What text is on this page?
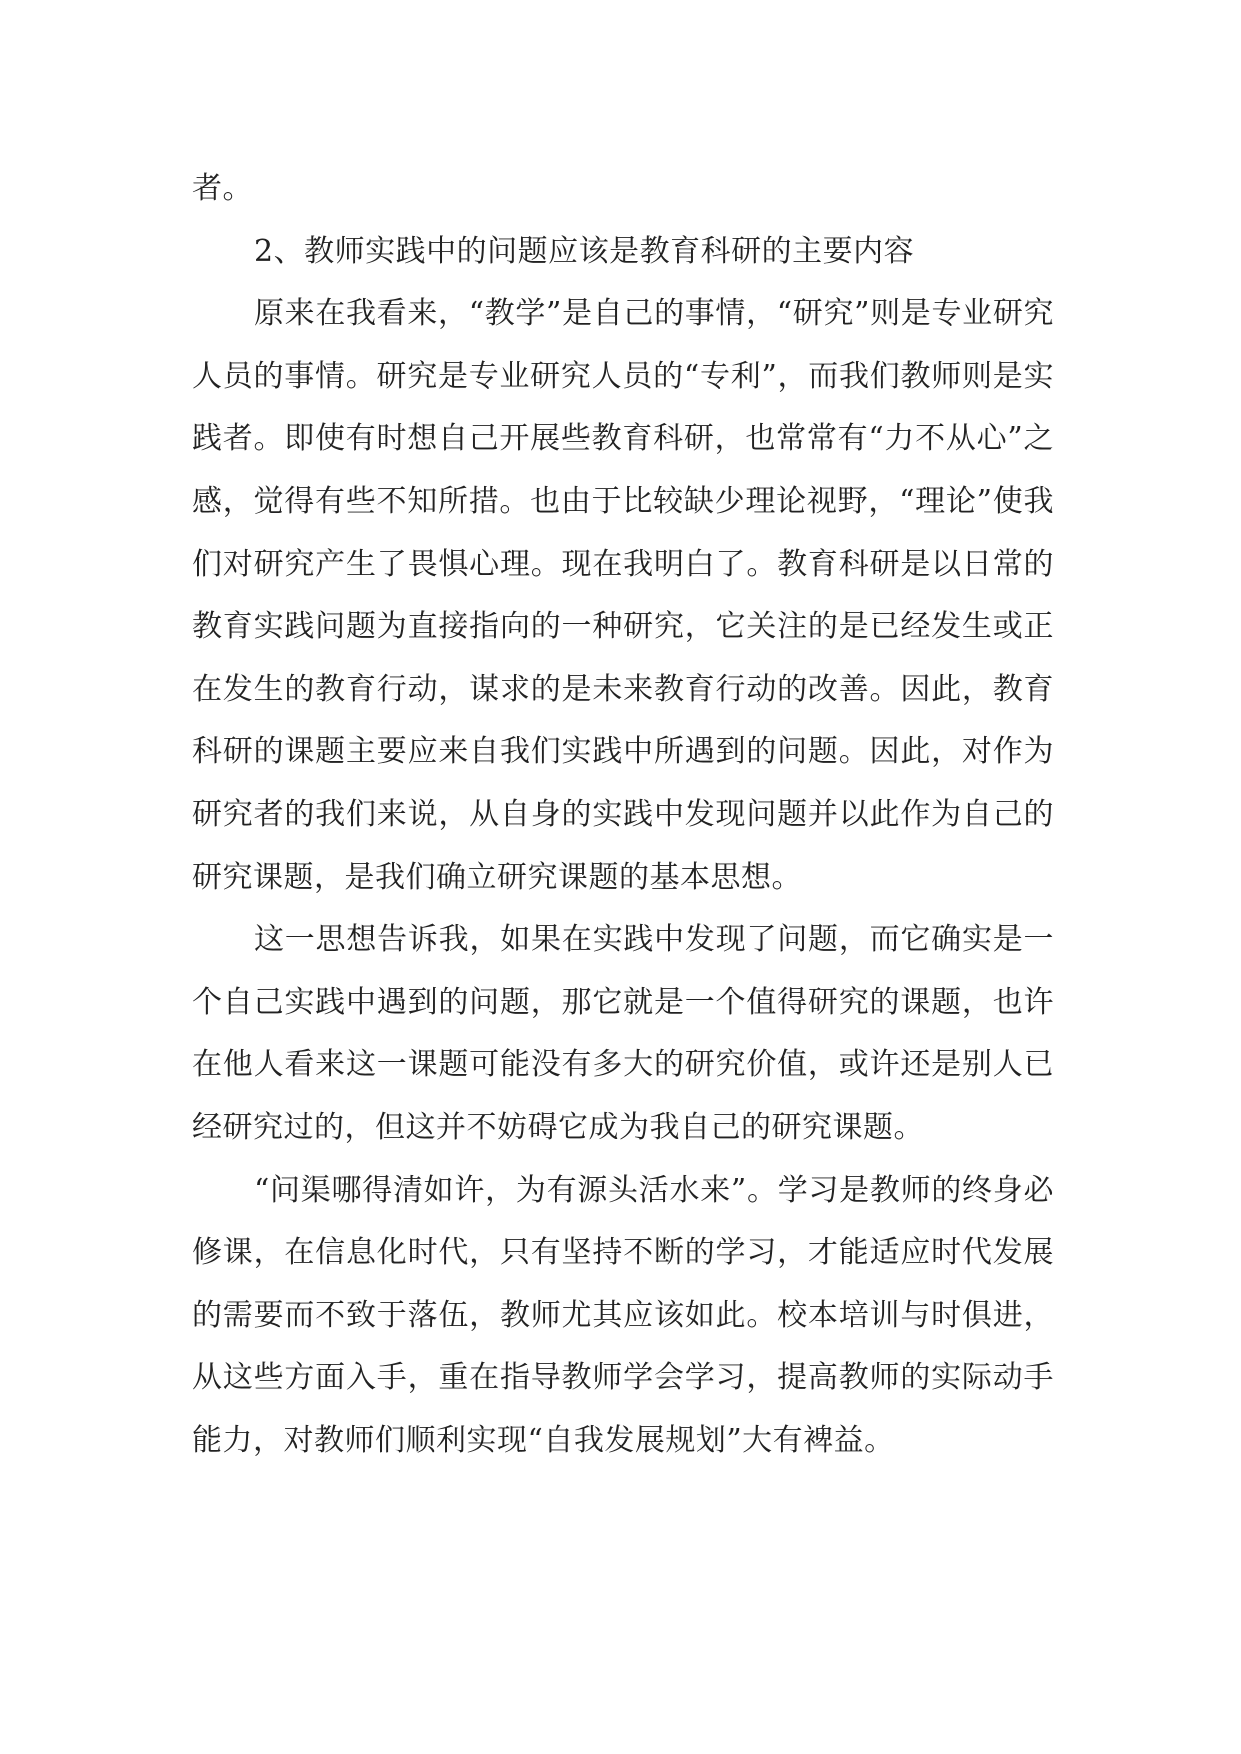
者。

2、教师实践中的问题应该是教育科研的主要内容

原来在我看来，“教学”是自己的事情，“研究”则是专业研究人员的事情。研究是专业研究人员的“专利”，而我们教师则是实践者。即使有时想自己开展些教育科研，也常常有“力不从心”之感，觉得有些不知所措。也由于比较缺少理论视野，“理论”使我们对研究产生了畏惧心理。现在我明白了。教育科研是以日常的教育实践问题为直接指向的一种研究，它关注的是已经发生或正在发生的教育行动，谋求的是未来教育行动的改善。因此，教育科研的课题主要应来自我们实践中所遇到的问题。因此，对作为研究者的我们来说，从自身的实践中发现问题并以此作为自己的研究课题，是我们确立研究课题的基本思想。

这一思想告诉我，如果在实践中发现了问题，而它确实是一个自己实践中遇到的问题，那它就是一个值得研究的课题，也许在他人看来这一课题可能没有多大的研究价值，或许还是别人已经研究过的，但这并不妨碍它成为我自己的研究课题。

“问渠哪得清如许，为有源头活水来”。学习是教师的终身必修课，在信息化时代，只有坚持不断的学习，才能适应时代发展的需要而不致于落伍，教师尤其应该如此。校本培训与时俱进，从这些方面入手，重在指导教师学会学习，提高教师的实际动手能力，对教师们顺利实现“自我发展规划”大有裨益。
